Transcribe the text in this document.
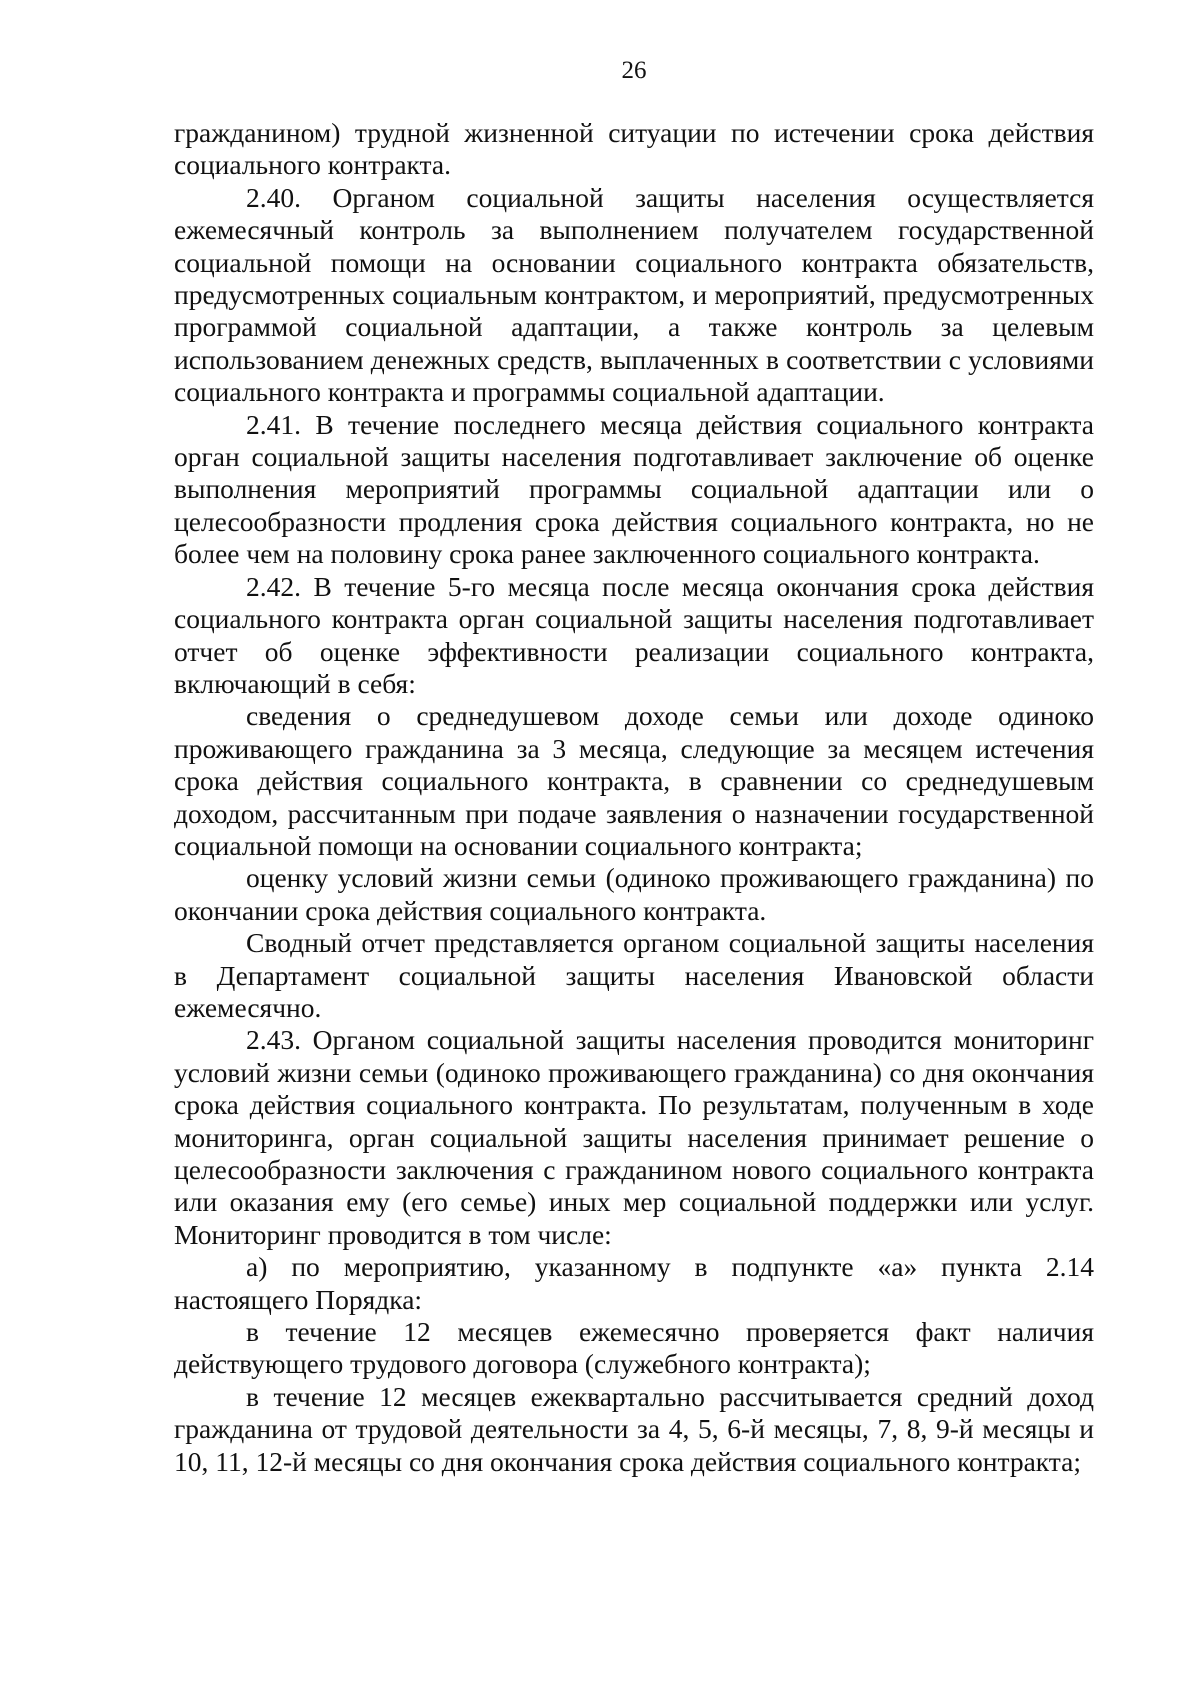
26

гражданином) трудной жизненной ситуации по истечении срока действия социального контракта.

2.40. Органом социальной защиты населения осуществляется ежемесячный контроль за выполнением получателем государственной социальной помощи на основании социального контракта обязательств, предусмотренных социальным контрактом, и мероприятий, предусмотренных программой социальной адаптации, а также контроль за целевым использованием денежных средств, выплаченных в соответствии с условиями социального контракта и программы социальной адаптации.

2.41. В течение последнего месяца действия социального контракта орган социальной защиты населения подготавливает заключение об оценке выполнения мероприятий программы социальной адаптации или о целесообразности продления срока действия социального контракта, но не более чем на половину срока ранее заключенного социального контракта.

2.42. В течение 5-го месяца после месяца окончания срока действия социального контракта орган социальной защиты населения подготавливает отчет об оценке эффективности реализации социального контракта, включающий в себя:

сведения о среднедушевом доходе семьи или доходе одиноко проживающего гражданина за 3 месяца, следующие за месяцем истечения срока действия социального контракта, в сравнении со среднедушевым доходом, рассчитанным при подаче заявления о назначении государственной социальной помощи на основании социального контракта;

оценку условий жизни семьи (одиноко проживающего гражданина) по окончании срока действия социального контракта.

Сводный отчет представляется органом социальной защиты населения в Департамент социальной защиты населения Ивановской области ежемесячно.

2.43. Органом социальной защиты населения проводится мониторинг условий жизни семьи (одиноко проживающего гражданина) со дня окончания срока действия социального контракта. По результатам, полученным в ходе мониторинга, орган социальной защиты населения принимает решение о целесообразности заключения с гражданином нового социального контракта или оказания ему (его семье) иных мер социальной поддержки или услуг. Мониторинг проводится в том числе:

а) по мероприятию, указанному в подпункте «а» пункта 2.14 настоящего Порядка:

в течение 12 месяцев ежемесячно проверяется факт наличия действующего трудового договора (служебного контракта);

в течение 12 месяцев ежеквартально рассчитывается средний доход гражданина от трудовой деятельности за 4, 5, 6-й месяцы, 7, 8, 9-й месяцы и 10, 11, 12-й месяцы со дня окончания срока действия социального контракта;
